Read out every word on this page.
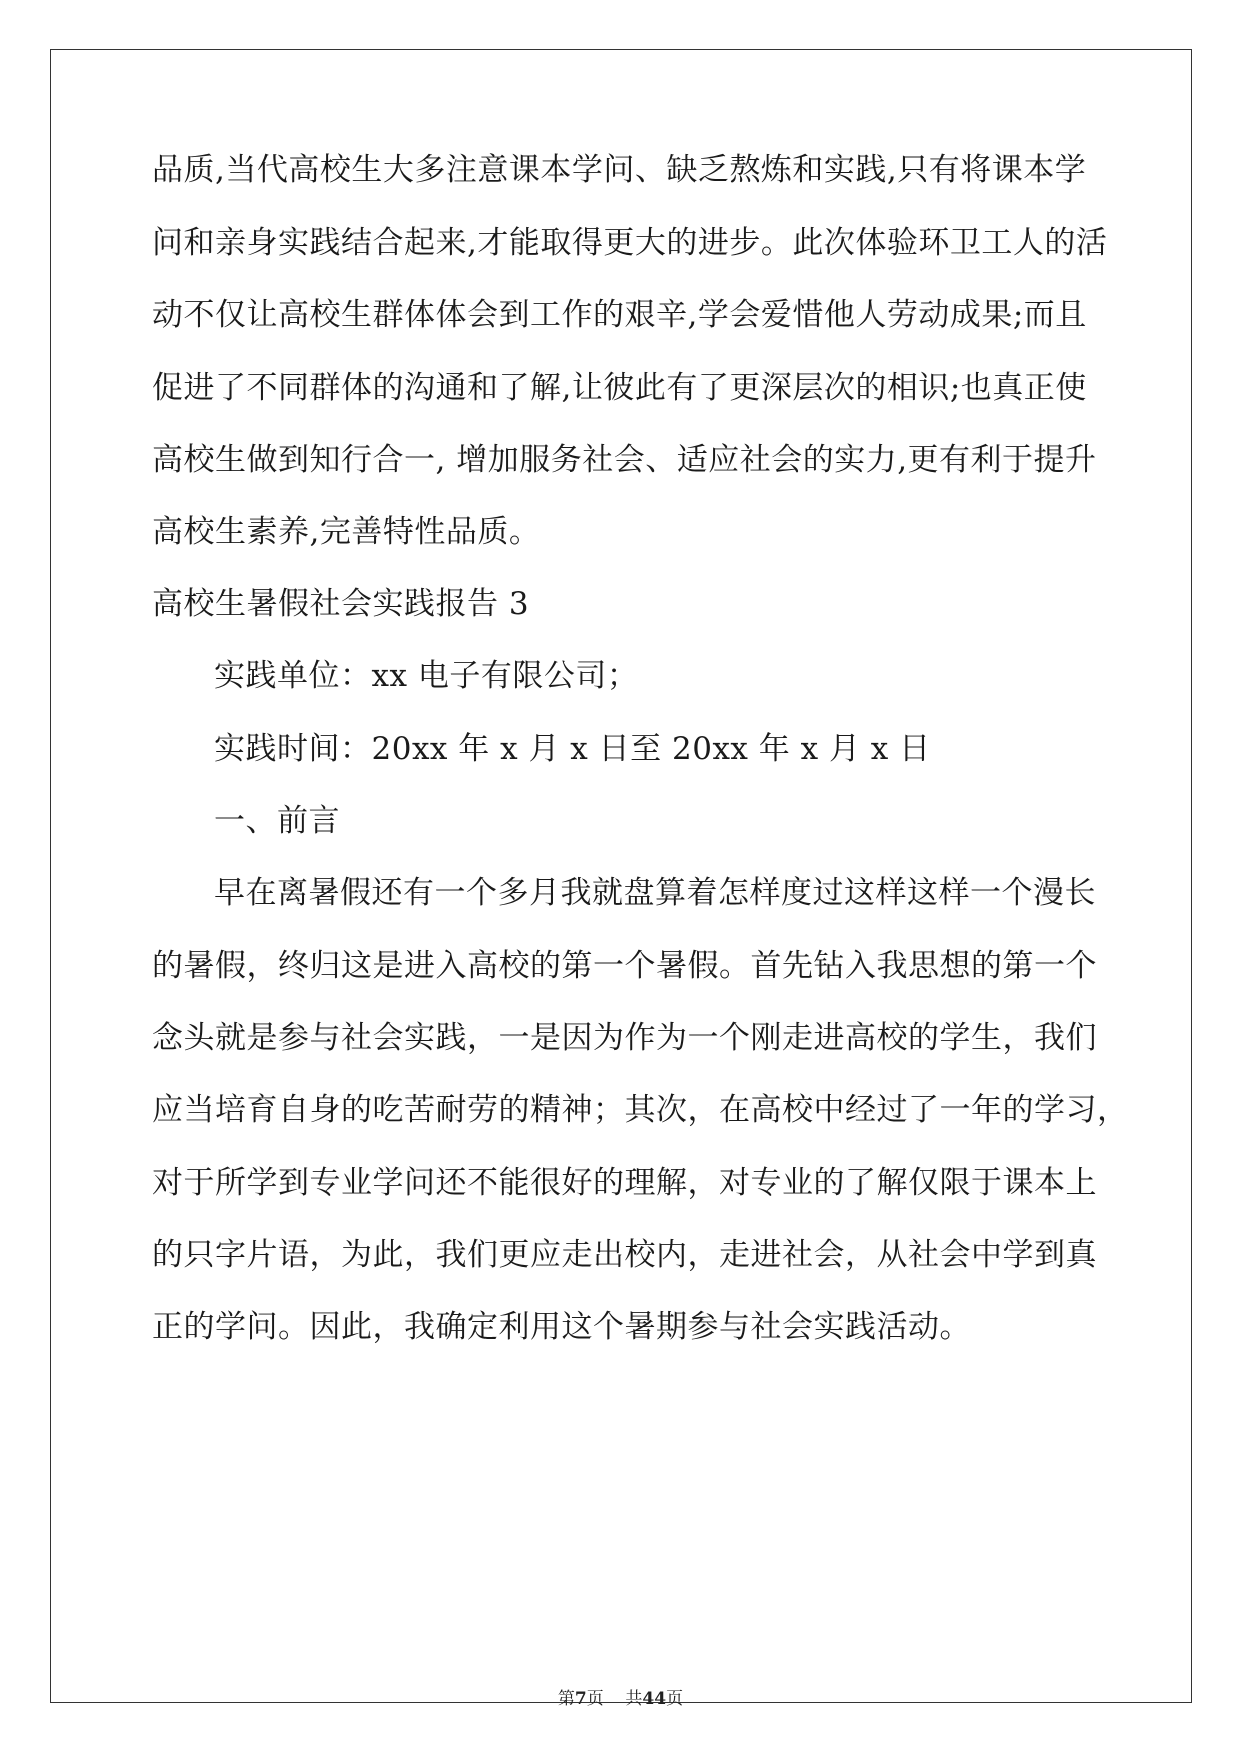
品质,当代高校生大多注意课本学问、缺乏熬炼和实践,只有将课本学
问和亲身实践结合起来,才能取得更大的进步。此次体验环卫工人的活
动不仅让高校生群体体会到工作的艰辛,学会爱惜他人劳动成果;而且
促进了不同群体的沟通和了解,让彼此有了更深层次的相识;也真正使
高校生做到知行合一, 增加服务社会、适应社会的实力,更有利于提升
高校生素养,完善特性品质。
高校生暑假社会实践报告 3
实践单位：xx 电子有限公司；
实践时间：20xx 年 x 月 x 日至 20xx 年 x 月 x 日
一、前言
早在离暑假还有一个多月我就盘算着怎样度过这样这样一个漫长
的暑假，终归这是进入高校的第一个暑假。首先钻入我思想的第一个
念头就是参与社会实践，一是因为作为一个刚走进高校的学生，我们
应当培育自身的吃苦耐劳的精神；其次，在高校中经过了一年的学习，
对于所学到专业学问还不能很好的理解，对专业的了解仅限于课本上
的只字片语，为此，我们更应走出校内，走进社会，从社会中学到真
正的学问。因此，我确定利用这个暑期参与社会实践活动。
第7页 共44页
